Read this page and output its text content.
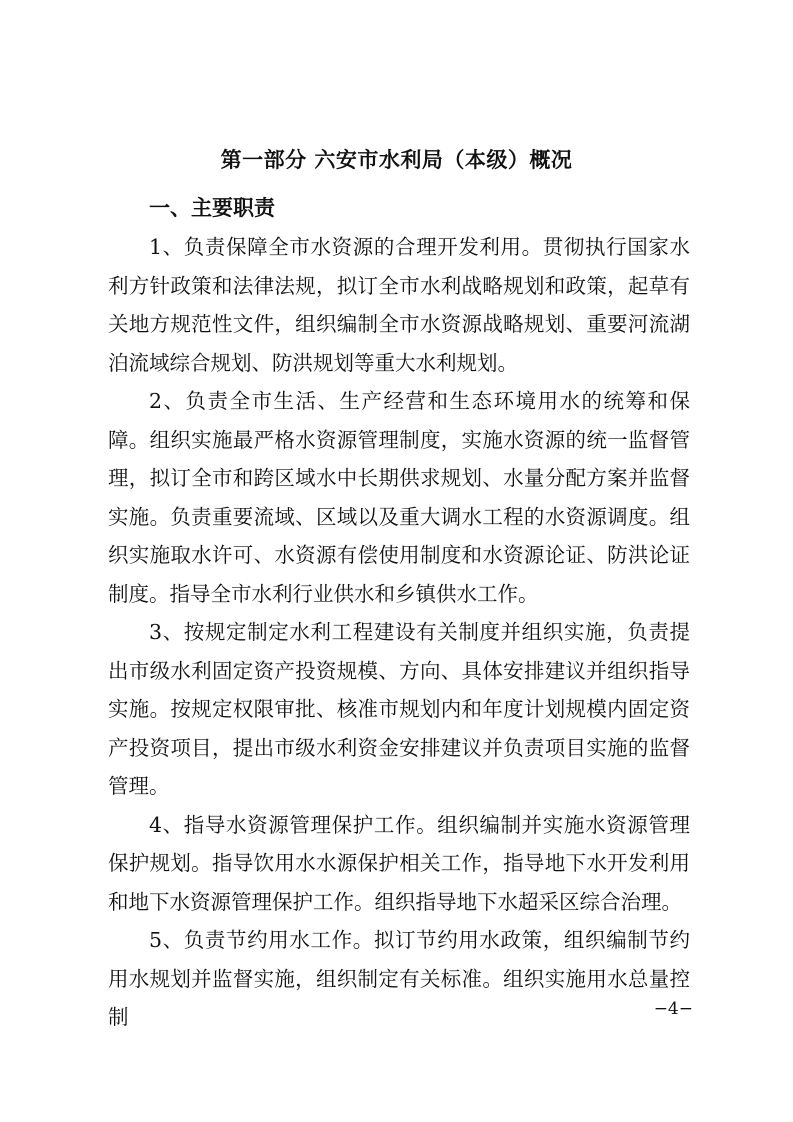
第一部分 六安市水利局（本级）概况
一、主要职责

1、负责保障全市水资源的合理开发利用。贯彻执行国家水利方针政策和法律法规，拟订全市水利战略规划和政策，起草有关地方规范性文件，组织编制全市水资源战略规划、重要河流湖泊流域综合规划、防洪规划等重大水利规划。

2、负责全市生活、生产经营和生态环境用水的统筹和保障。组织实施最严格水资源管理制度，实施水资源的统一监督管理，拟订全市和跨区域水中长期供求规划、水量分配方案并监督实施。负责重要流域、区域以及重大调水工程的水资源调度。组织实施取水许可、水资源有偿使用制度和水资源论证、防洪论证制度。指导全市水利行业供水和乡镇供水工作。

3、按规定制定水利工程建设有关制度并组织实施，负责提出市级水利固定资产投资规模、方向、具体安排建议并组织指导实施。按规定权限审批、核准市规划内和年度计划规模内固定资产投资项目，提出市级水利资金安排建议并负责项目实施的监督管理。

4、指导水资源管理保护工作。组织编制并实施水资源管理保护规划。指导饮用水水源保护相关工作，指导地下水开发利用和地下水资源管理保护工作。组织指导地下水超采区综合治理。

5、负责节约用水工作。拟订节约用水政策，组织编制节约用水规划并监督实施，组织制定有关标准。组织实施用水总量控制	−4−
